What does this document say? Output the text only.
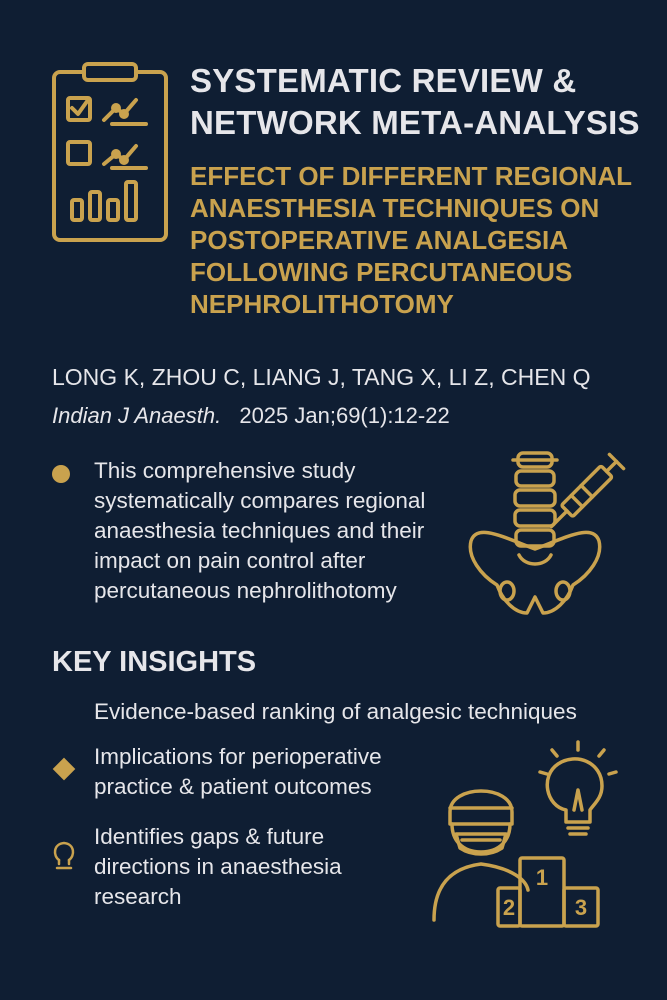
SYSTEMATIC REVIEW &
NETWORK META-ANALYSIS
EFFECT OF DIFFERENT REGIONAL
ANAESTHESIA TECHNIQUES ON
POSTOPERATIVE ANALGESIA
FOLLOWING PERCUTANEOUS
NEPHROLITHOTOMY
LONG K, ZHOU C, LIANG J, TANG X, LI Z, CHEN Q
Indian J Anaesth. 2025 Jan;69(1):12-22
This comprehensive study
systematically compares regional
anaesthesia techniques and their
impact on pain control after
percutaneous nephrolithotomy
KEY INSIGHTS
Evidence-based ranking of analgesic techniques
Implications for perioperative
practice & patient outcomes
Identifies gaps & future
directions in anaesthesia
research
1
2	3
